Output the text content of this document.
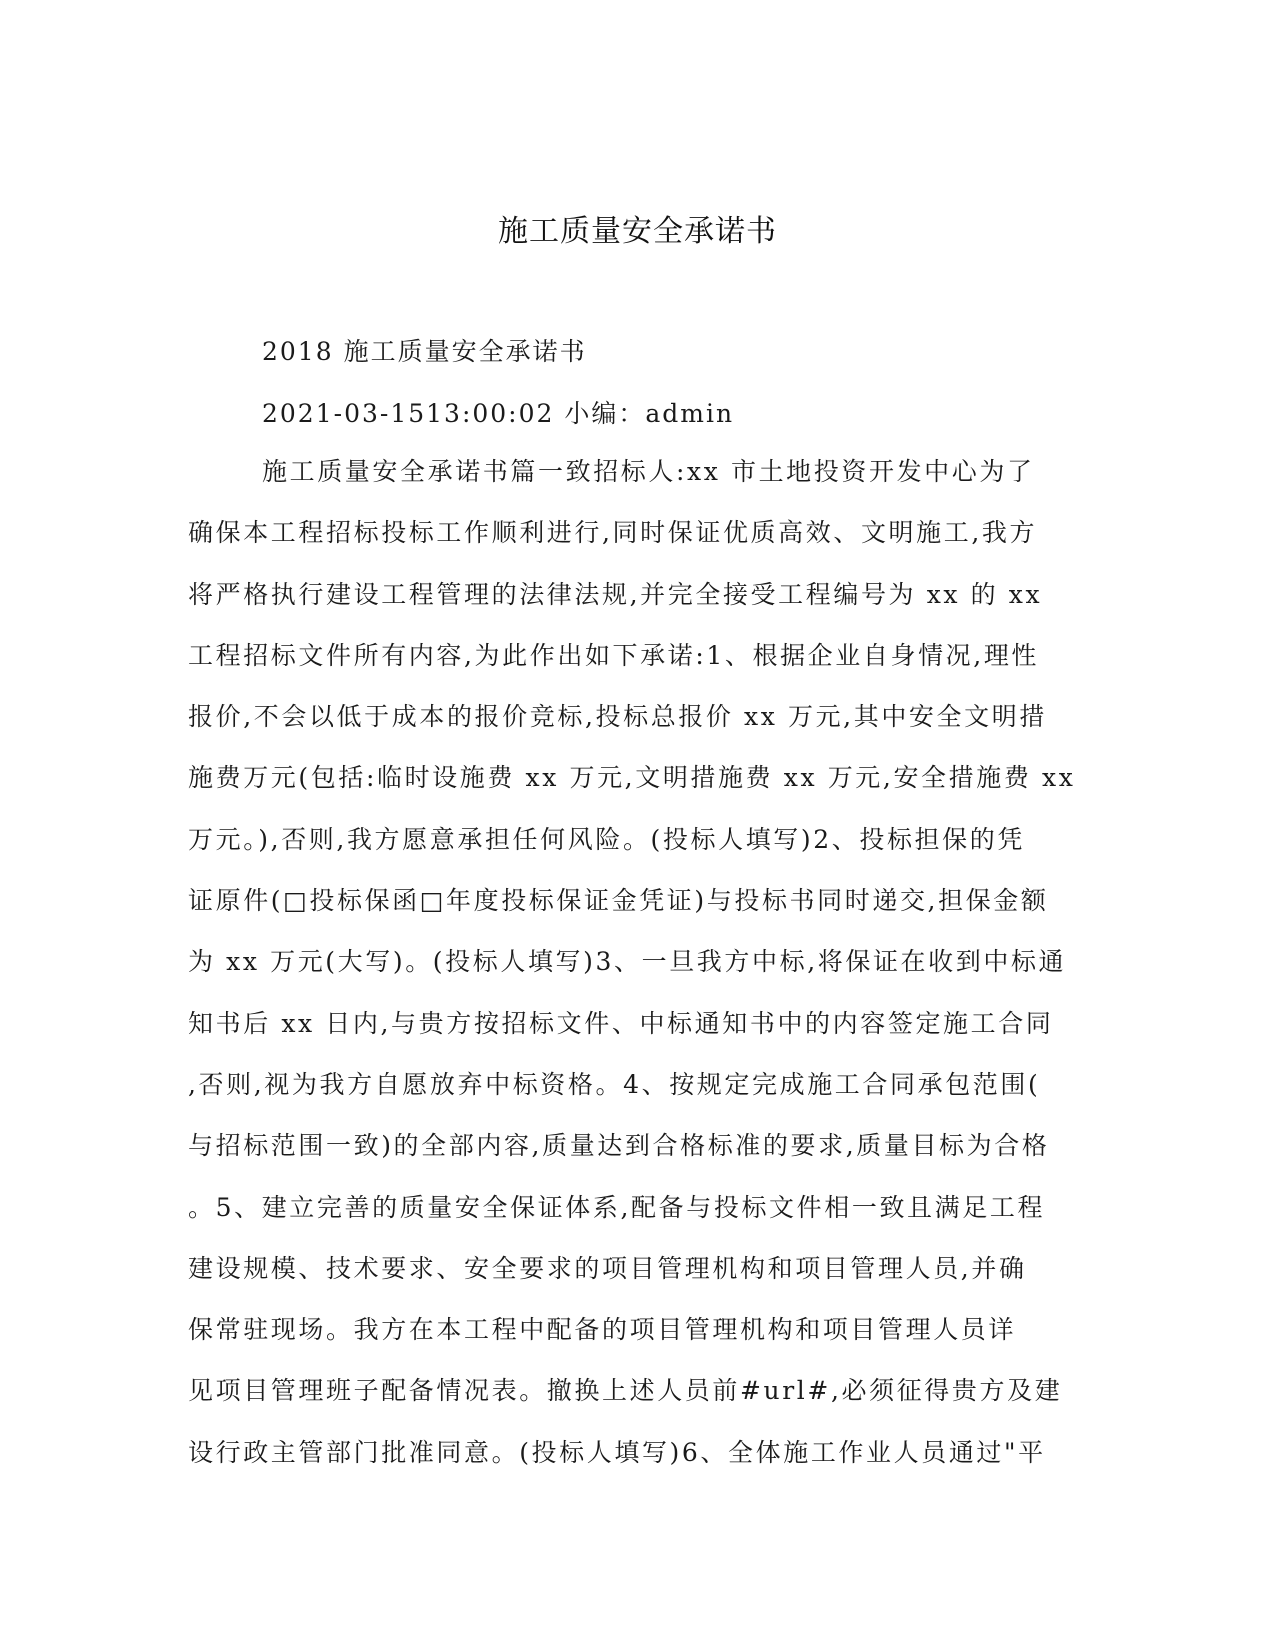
施工质量安全承诺书
2018 施工质量安全承诺书
2021-03-1513:00:02 小编：admin
施工质量安全承诺书篇一致招标人:xx 市土地投资开发中心为了
确保本工程招标投标工作顺利进行,同时保证优质高效、文明施工,我方
将严格执行建设工程管理的法律法规,并完全接受工程编号为 xx 的 xx
工程招标文件所有内容,为此作出如下承诺:1、根据企业自身情况,理性
报价,不会以低于成本的报价竞标,投标总报价 xx 万元,其中安全文明措
施费万元(包括:临时设施费 xx 万元,文明措施费 xx 万元,安全措施费 xx
万元。),否则,我方愿意承担任何风险。(投标人填写)2、投标担保的凭
证原件(□投标保函□年度投标保证金凭证)与投标书同时递交,担保金额
为 xx 万元(大写)。(投标人填写)3、一旦我方中标,将保证在收到中标通
知书后 xx 日内,与贵方按招标文件、中标通知书中的内容签定施工合同
,否则,视为我方自愿放弃中标资格。4、按规定完成施工合同承包范围(
与招标范围一致)的全部内容,质量达到合格标准的要求,质量目标为合格
。5、建立完善的质量安全保证体系,配备与投标文件相一致且满足工程
建设规模、技术要求、安全要求的项目管理机构和项目管理人员,并确
保常驻现场。我方在本工程中配备的项目管理机构和项目管理人员详
见项目管理班子配备情况表。撤换上述人员前#url#,必须征得贵方及建
设行政主管部门批准同意。(投标人填写)6、全体施工作业人员通过"平
